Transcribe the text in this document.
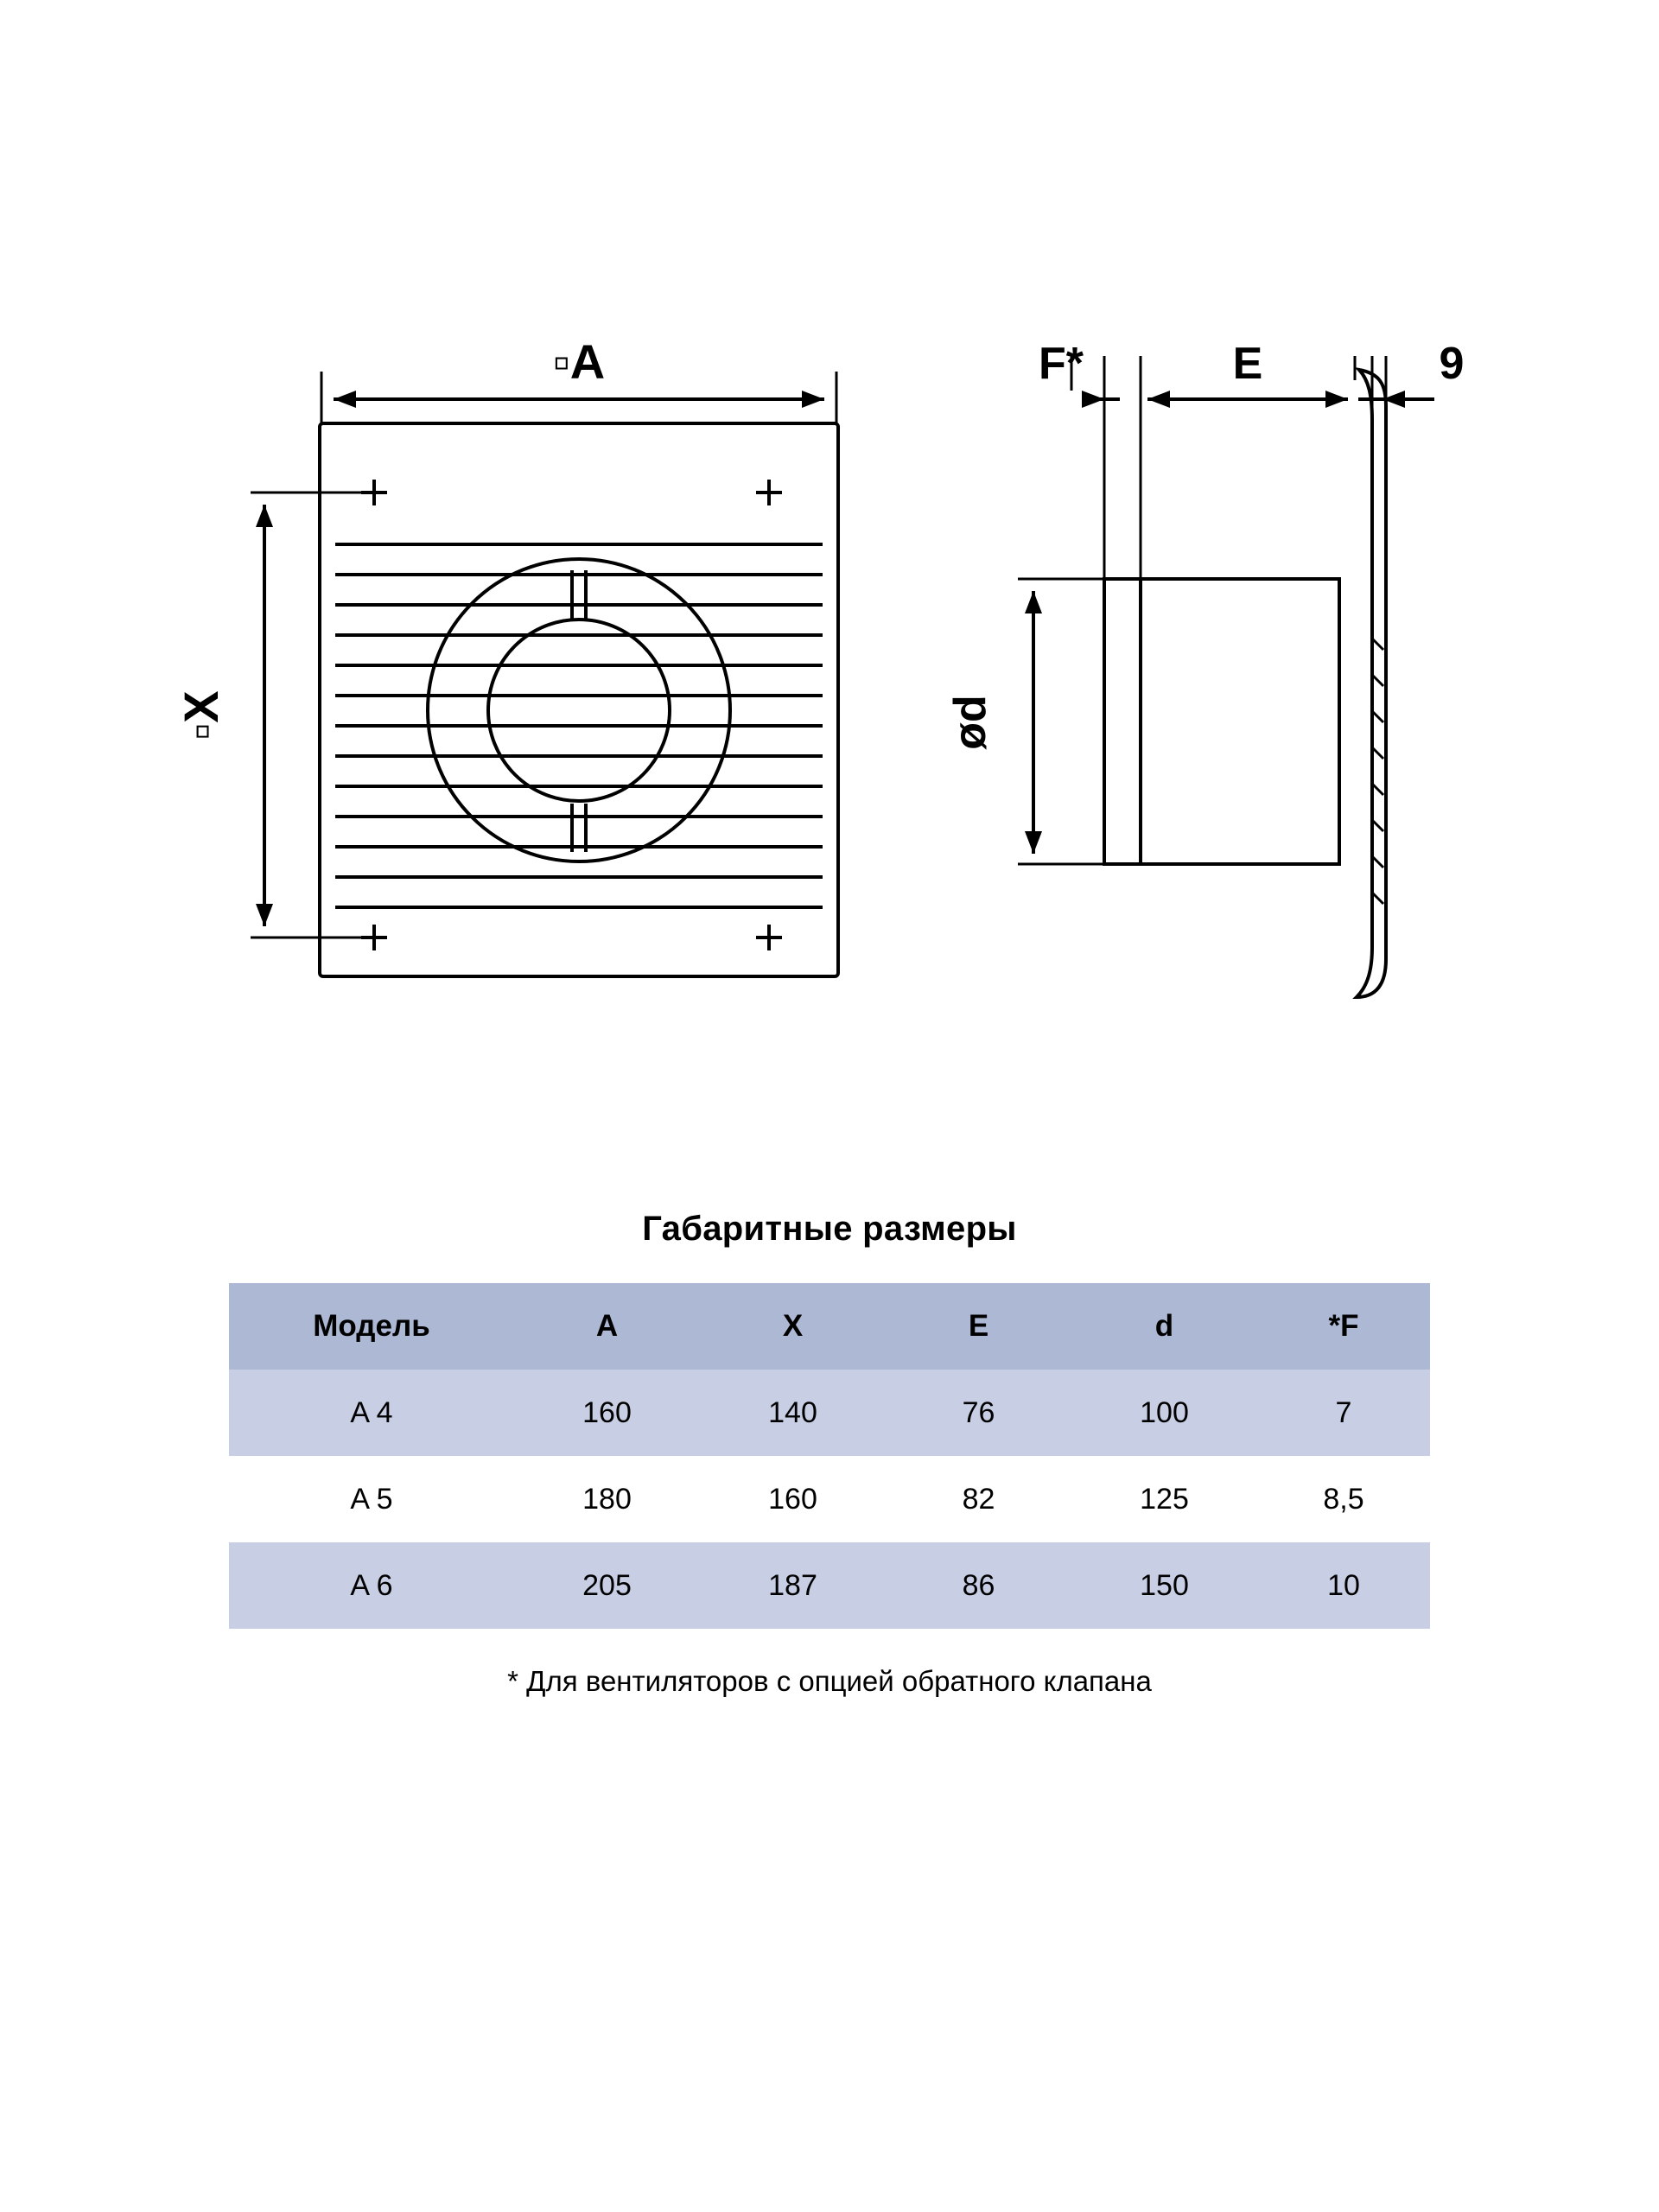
▫A
▫X
F*	E	9
ød
Габаритные размеры
Модель	A	X	E	d	*F
A 4	160	140	76	100	7
A 5	180	160	82	125	8,5
A 6	205	187	86	150	10
* Для вентиляторов с опцией обратного клапана
